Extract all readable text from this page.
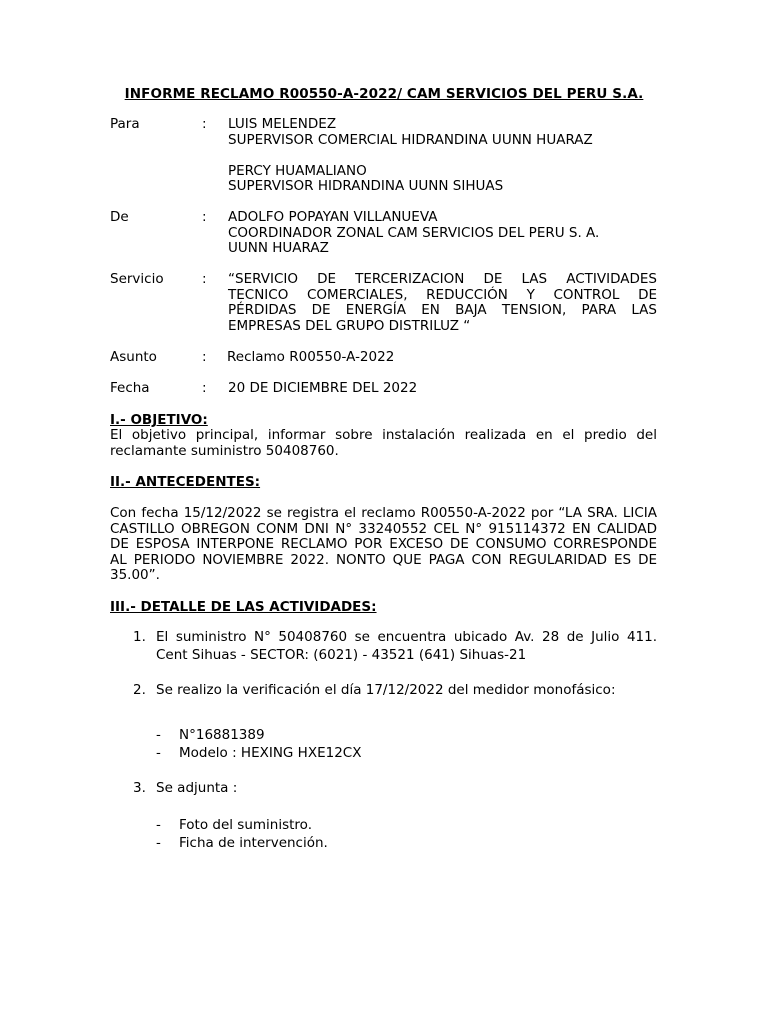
INFORME RECLAMO R00550-A-2022/ CAM SERVICIOS DEL PERU S.A.
Para	: LUIS MELENDEZ
SUPERVISOR COMERCIAL HIDRANDINA UUNN HUARAZ

PERCY HUAMALIANO
SUPERVISOR HIDRANDINA UUNN SIHUAS
De	: ADOLFO POPAYAN VILLANUEVA
COORDINADOR ZONAL CAM SERVICIOS DEL PERU S. A.
UUNN HUARAZ
Servicio	: “SERVICIO DE TERCERIZACION DE LAS ACTIVIDADES
TECNICO COMERCIALES, REDUCCIÓN Y CONTROL DE
PÉRDIDAS DE ENERGÍA EN BAJA TENSION, PARA LAS
EMPRESAS DEL GRUPO DISTRILUZ “
Asunto	: Reclamo R00550-A-2022
Fecha	: 20 DE DICIEMBRE DEL 2022
I.- OBJETIVO:
El objetivo principal, informar sobre instalación realizada en el predio del reclamante suministro 50408760.
II.- ANTECEDENTES:
Con fecha 15/12/2022 se registra el reclamo R00550-A-2022 por “LA SRA. LICIA CASTILLO OBREGON CONM DNI N° 33240552 CEL N° 915114372 EN CALIDAD DE ESPOSA INTERPONE RECLAMO POR EXCESO DE CONSUMO CORRESPONDE AL PERIODO NOVIEMBRE 2022. NONTO QUE PAGA CON REGULARIDAD ES DE 35.00”.
III.- DETALLE DE LAS ACTIVIDADES:
1. El suministro N° 50408760 se encuentra ubicado Av. 28 de Julio 411.
Cent Sihuas - SECTOR: (6021) - 43521 (641) Sihuas-21
2. Se realizo la verificación el día 17/12/2022 del medidor monofásico:
- N°16881389
- Modelo : HEXING HXE12CX
3. Se adjunta :
- Foto del suministro.
- Ficha de intervención.
